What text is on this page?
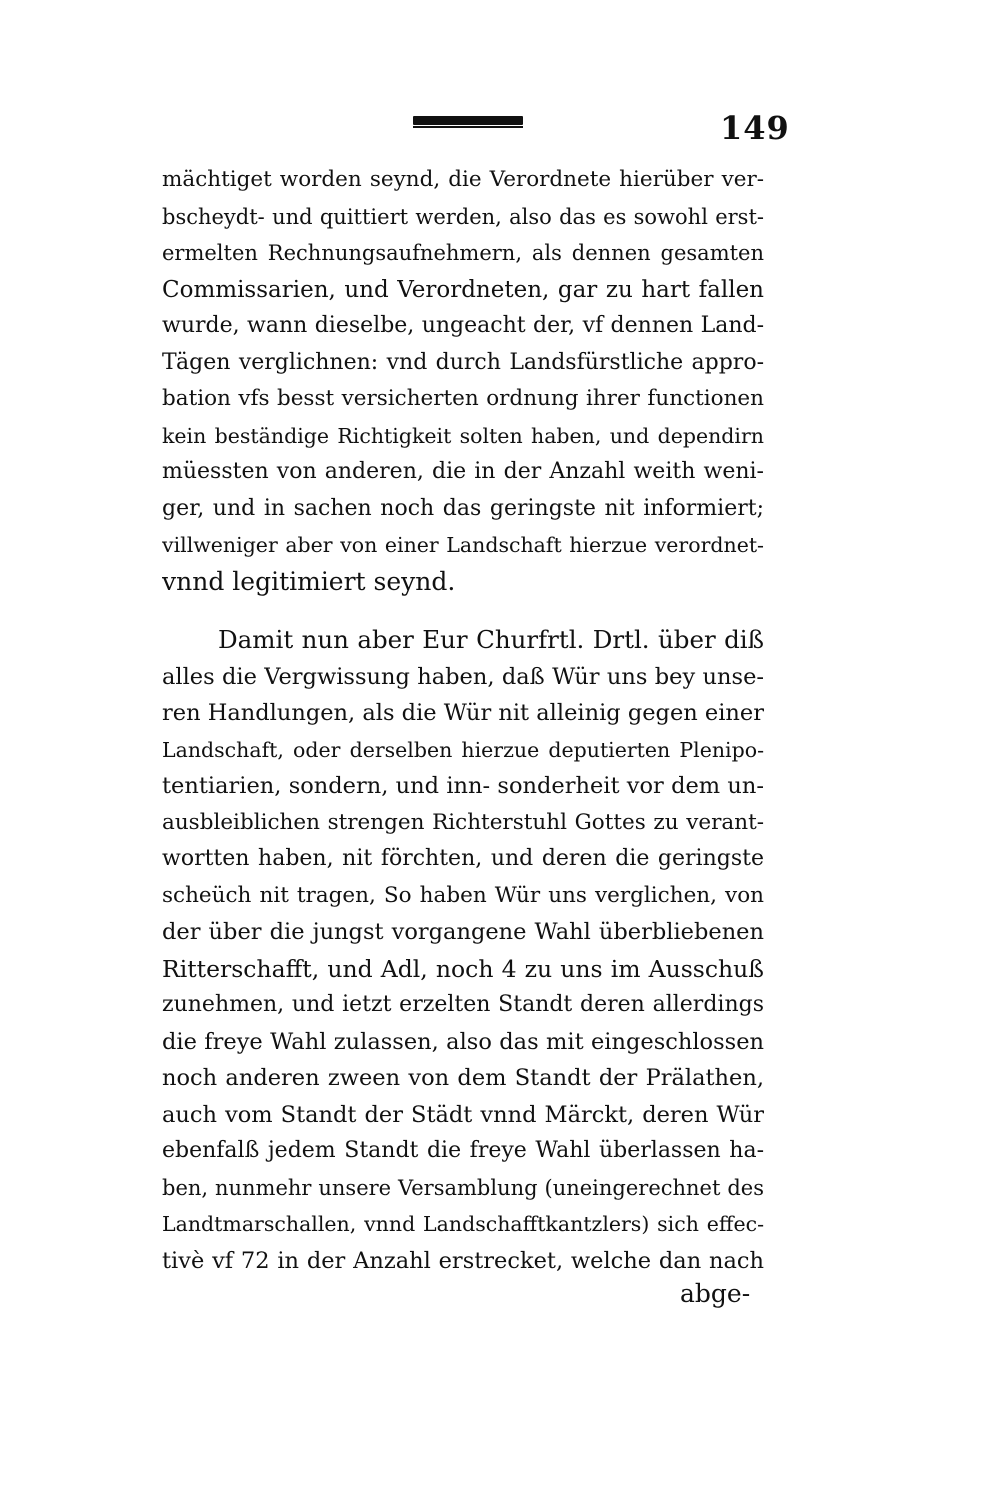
149
mächtiget worden seynd, die Verordnete hierüber ver-
bscheydt- und quittiert werden, also das es sowohl erst-
ermelten Rechnungsaufnehmern, als dennen gesamten
Commissarien, und Verordneten, gar zu hart fallen
wurde, wann dieselbe, ungeacht der, vf dennen Land-
Tägen verglichnen: vnd durch Landsfürstliche appro-
bation vfs besst versicherten ordnung ihrer functionen
kein beständige Richtigkeit solten haben, und dependirn
müessten von anderen, die in der Anzahl weith weni-
ger, und in sachen noch das geringste nit informiert;
villweniger aber von einer Landschaft hierzue verordnet-
vnnd legitimiert seynd.
Damit nun aber Eur Churfrtl. Drtl. über diß
alles die Vergwissung haben, daß Wür uns bey unse-
ren Handlungen, als die Wür nit alleinig gegen einer
Landschaft, oder derselben hierzue deputierten Plenipo-
tentiarien, sondern, und inn- sonderheit vor dem un-
ausbleiblichen strengen Richterstuhl Gottes zu verant-
wortten haben, nit förchten, und deren die geringste
scheüch nit tragen, So haben Wür uns verglichen, von
der über die jungst vorgangene Wahl überbliebenen
Ritterschafft, und Adl, noch 4 zu uns im Ausschuß
zunehmen, und ietzt erzelten Standt deren allerdings
die freye Wahl zulassen, also das mit eingeschlossen
noch anderen zween von dem Standt der Prälathen,
auch vom Standt der Städt vnnd Märckt, deren Wür
ebenfalß jedem Standt die freye Wahl überlassen ha-
ben, nunmehr unsere Versamblung (uneingerechnet des
Landtmarschallen, vnnd Landschafftkantzlers) sich effec-
tivè vf 72 in der Anzahl erstrecket, welche dan nach
abge-
